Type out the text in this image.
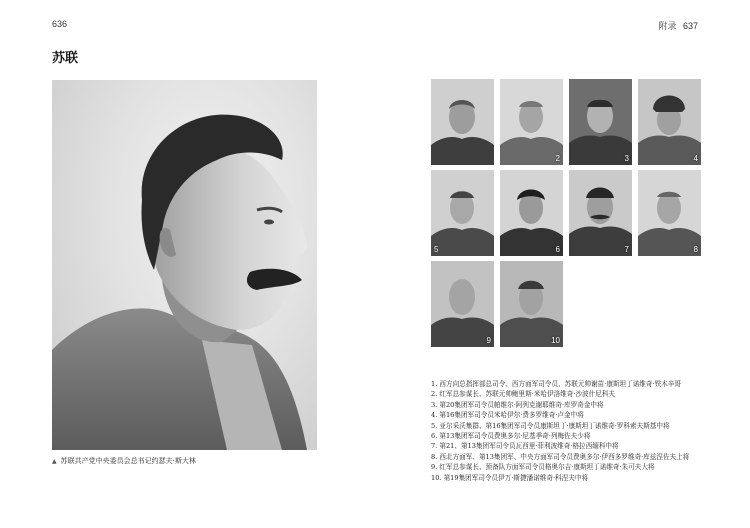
636	附录 637
苏联
▲ 苏联共产党中央委员会总书记约瑟夫·斯大林
2	3	4
5	6	7	8
9	10
1. 西方向总指挥部总司令、西方面军司令员、苏联元帅谢苗·康斯坦丁诺维奇·铁木辛哥
2. 红军总参谋长、苏联元帅鲍里斯·米哈伊洛维奇·沙波什尼科夫
3. 第20集团军司令员帕维尔·阿列克谢耶维奇·库罗奇金中将
4. 第16集团军司令员米哈伊尔·费多罗维奇·卢金中将
5. 亚尔采沃集群、第16集团军司令员康斯坦丁·康斯坦丁诺维奇·罗科索夫斯基中将
6. 第13集团军司令员费奥多尔·尼基季奇·列梅佐夫少将
7. 第21、第13集团军司令员瓦西里·菲利波维奇·格拉西缅科中将
8. 西北方面军、第13集团军、中央方面军司令员费奥多尔·伊西多罗维奇·库兹涅佐夫上将
9. 红军总参谋长、预备队方面军司令员格奥尔吉·康斯坦丁诺维奇·朱可夫大将
10. 第19集团军司令员伊万·斯捷潘诺维奇·科涅夫中将
